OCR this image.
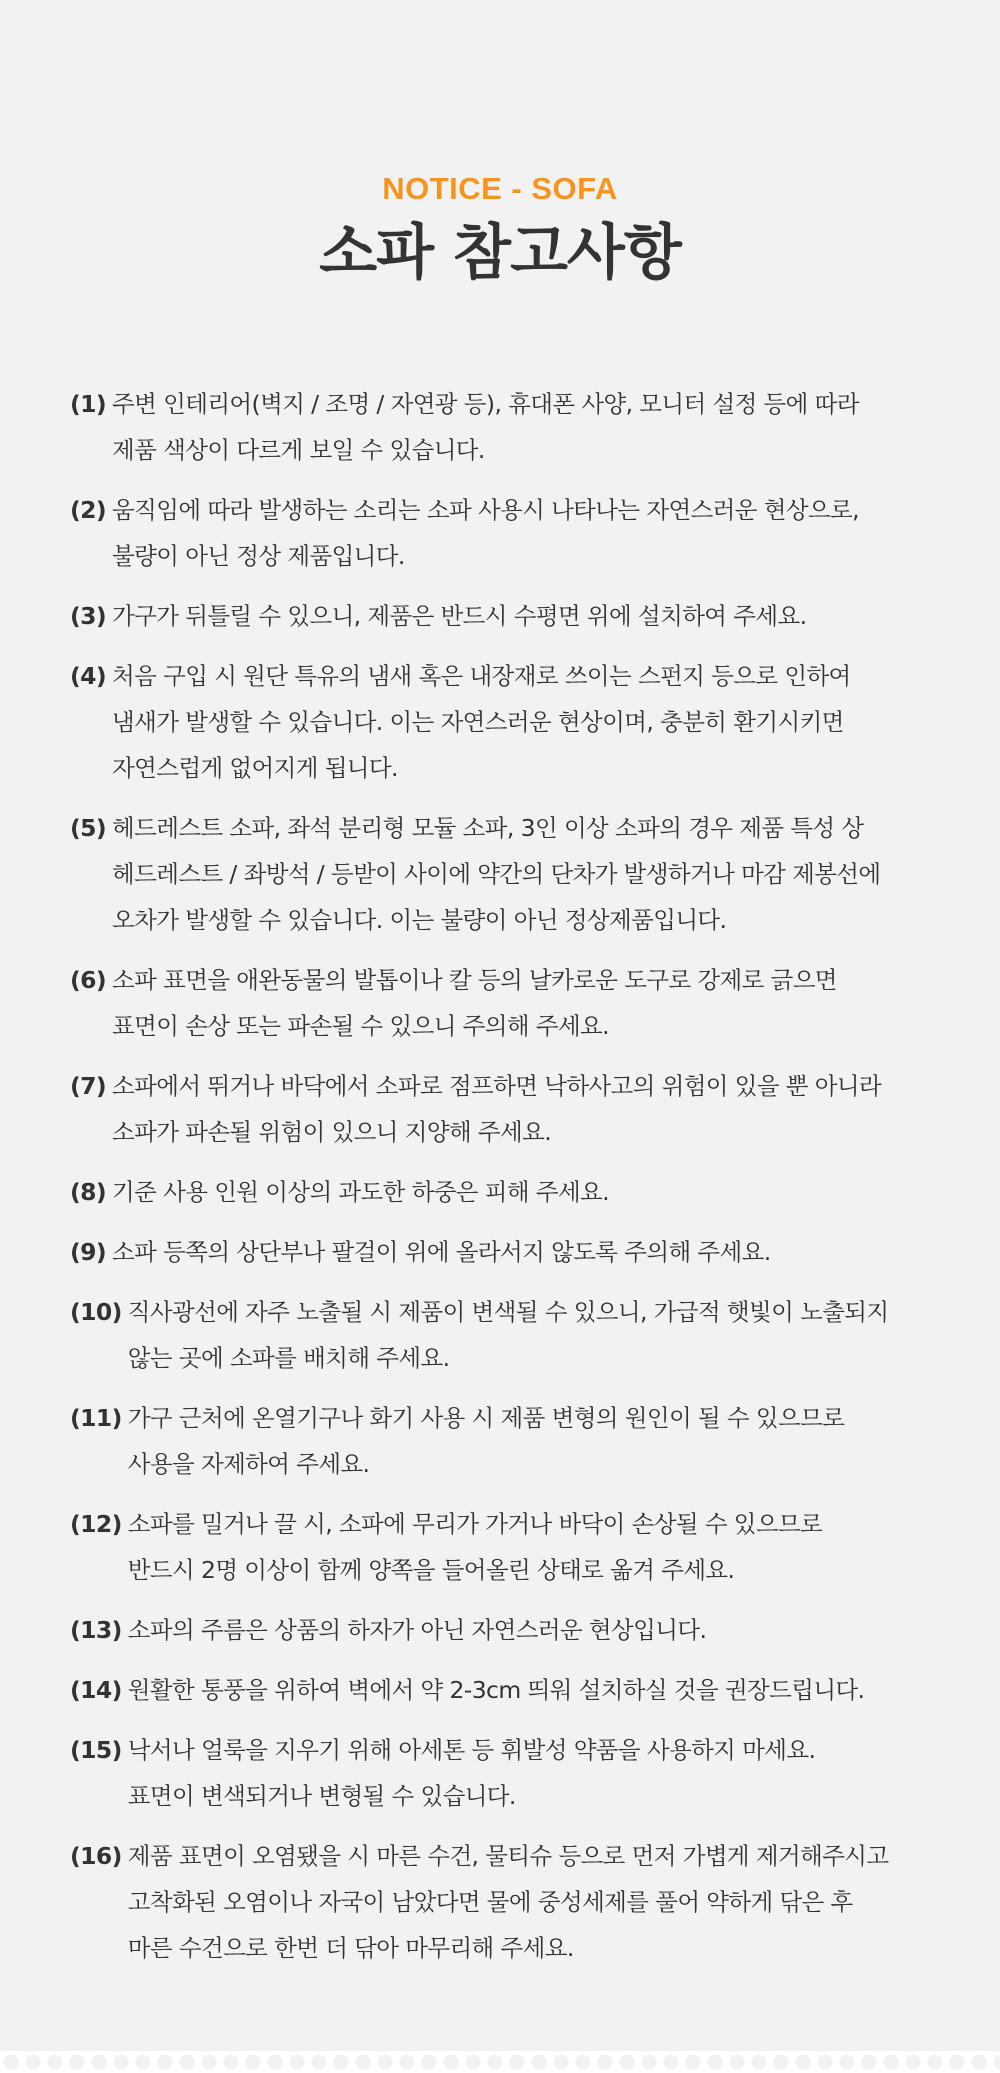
NOTICE - SOFA
소파 참고사항
(1) 주변 인테리어(벽지 / 조명 / 자연광 등), 휴대폰 사양, 모니터 설정 등에 따라
제품 색상이 다르게 보일 수 있습니다.
(2) 움직임에 따라 발생하는 소리는 소파 사용시 나타나는 자연스러운 현상으로,
불량이 아닌 정상 제품입니다.
(3) 가구가 뒤틀릴 수 있으니, 제품은 반드시 수평면 위에 설치하여 주세요.
(4) 처음 구입 시 원단 특유의 냄새 혹은 내장재로 쓰이는 스펀지 등으로 인하여
냄새가 발생할 수 있습니다. 이는 자연스러운 현상이며, 충분히 환기시키면
자연스럽게 없어지게 됩니다.
(5) 헤드레스트 소파, 좌석 분리형 모듈 소파, 3인 이상 소파의 경우 제품 특성 상
헤드레스트 / 좌방석 / 등받이 사이에 약간의 단차가 발생하거나 마감 제봉선에
오차가 발생할 수 있습니다. 이는 불량이 아닌 정상제품입니다.
(6) 소파 표면을 애완동물의 발톱이나 칼 등의 날카로운 도구로 강제로 긁으면
표면이 손상 또는 파손될 수 있으니 주의해 주세요.
(7) 소파에서 뛰거나 바닥에서 소파로 점프하면 낙하사고의 위험이 있을 뿐 아니라
소파가 파손될 위험이 있으니 지양해 주세요.
(8) 기준 사용 인원 이상의 과도한 하중은 피해 주세요.
(9) 소파 등쪽의 상단부나 팔걸이 위에 올라서지 않도록 주의해 주세요.
(10) 직사광선에 자주 노출될 시 제품이 변색될 수 있으니, 가급적 햇빛이 노출되지
않는 곳에 소파를 배치해 주세요.
(11) 가구 근처에 온열기구나 화기 사용 시 제품 변형의 원인이 될 수 있으므로
사용을 자제하여 주세요.
(12) 소파를 밀거나 끌 시, 소파에 무리가 가거나 바닥이 손상될 수 있으므로
반드시 2명 이상이 함께 양쪽을 들어올린 상태로 옮겨 주세요.
(13) 소파의 주름은 상품의 하자가 아닌 자연스러운 현상입니다.
(14) 원활한 통풍을 위하여 벽에서 약 2-3cm 띄워 설치하실 것을 권장드립니다.
(15) 낙서나 얼룩을 지우기 위해 아세톤 등 휘발성 약품을 사용하지 마세요.
표면이 변색되거나 변형될 수 있습니다.
(16) 제품 표면이 오염됐을 시 마른 수건, 물티슈 등으로 먼저 가볍게 제거해주시고
고착화된 오염이나 자국이 남았다면 물에 중성세제를 풀어 약하게 닦은 후
마른 수건으로 한번 더 닦아 마무리해 주세요.
